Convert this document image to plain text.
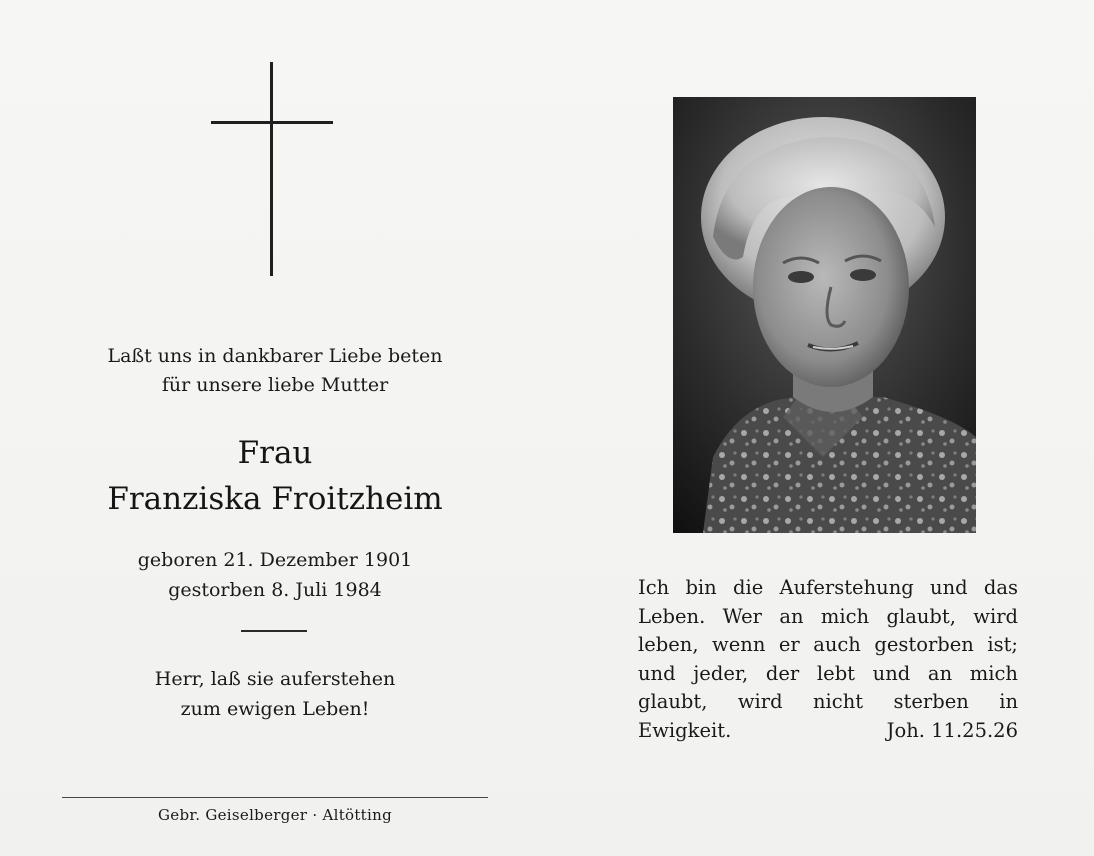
Laßt uns in dankbarer Liebe beten
für unsere liebe Mutter
Frau
Franziska Froitzheim
geboren 21. Dezember 1901
gestorben 8. Juli 1984
Herr, laß sie auferstehen
zum ewigen Leben!
Gebr. Geiselberger · Altötting
Ich bin die Auferstehung und das
Leben. Wer an mich glaubt, wird
leben, wenn er auch gestorben ist;
und jeder, der lebt und an mich
glaubt, wird nicht sterben in
Ewigkeit.	Joh. 11.25.26
